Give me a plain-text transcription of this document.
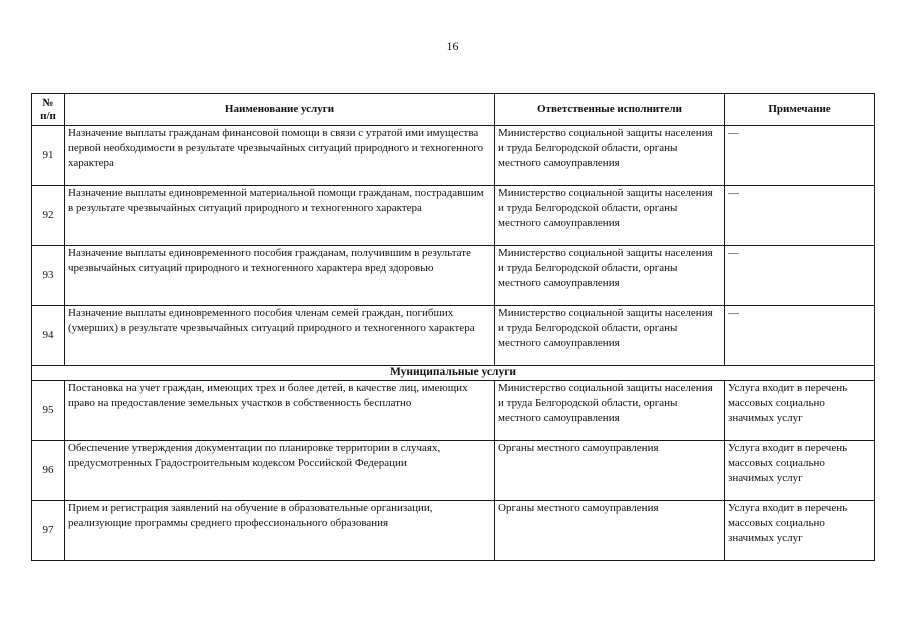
16
№
п/п	Наименование услуги	Ответственные исполнители	Примечание
91	Назначение выплаты гражданам финансовой помощи в связи с утратой ими имущества первой необходимости в результате чрезвычайных ситуаций природного и техногенного характера	Министерство социальной защиты населения и труда Белгородской области, органы местного самоуправления	—
92	Назначение выплаты единовременной материальной помощи гражданам, пострадавшим в результате чрезвычайных ситуаций природного и техногенного характера	Министерство социальной защиты населения и труда Белгородской области, органы местного самоуправления	—
93	Назначение выплаты единовременного пособия гражданам, получившим в результате чрезвычайных ситуаций природного и техногенного характера вред здоровью	Министерство социальной защиты населения и труда Белгородской области, органы местного самоуправления	—
94	Назначение выплаты единовременного пособия членам семей граждан, погибших (умерших) в результате чрезвычайных ситуаций природного и техногенного характера	Министерство социальной защиты населения и труда Белгородской области, органы местного самоуправления	—
Муниципальные услуги			
95	Постановка на учет граждан, имеющих трех и более детей, в качестве лиц, имеющих право на предоставление земельных участков в собственность бесплатно	Министерство социальной защиты населения и труда Белгородской области, органы местного самоуправления	Услуга входит в перечень массовых социально значимых услуг
96	Обеспечение утверждения документации по планировке территории в случаях, предусмотренных Градостроительным кодексом Российской Федерации	Органы местного самоуправления	Услуга входит в перечень массовых социально значимых услуг
97	Прием и регистрация заявлений на обучение в образовательные организации, реализующие программы среднего профессионального образования	Органы местного самоуправления	Услуга входит в перечень массовых социально значимых услуг
